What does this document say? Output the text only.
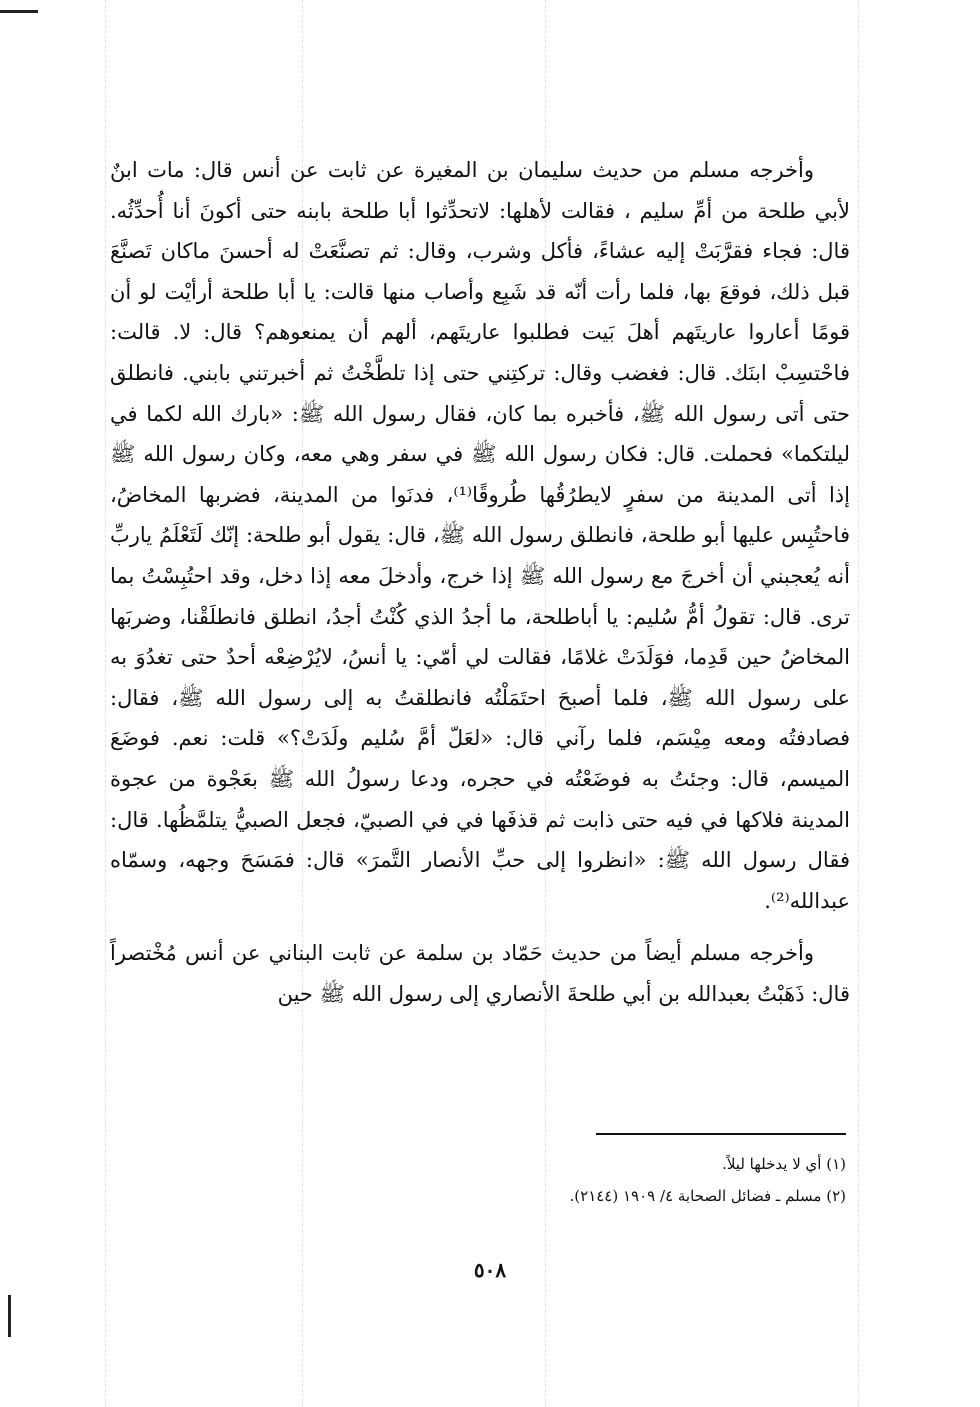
وأخرجه مسلم من حديث سليمان بن المغيرة عن ثابت عن أنس قال: مات ابنٌ لأبي طلحة من أمِّ سليم ، فقالت لأهلها: لاتحدِّثوا أبا طلحة بابنه حتى أكونَ أنا أُحدِّثُه. قال: فجاء فقرَّبَتْ إليه عشاءً، فأكل وشرب، وقال: ثم تصنَّعَتْ له أحسنَ ماكان تَصنَّعَ قبل ذلك، فوقعَ بها، فلما رأت أنّه قد شَبِع وأصاب منها قالت: يا أبا طلحة أرأيْت لو أن قومًا أعاروا عاريتَهم أهلَ بَيت فطلبوا عاريتَهم، ألهم أن يمنعوهم؟ قال: لا. قالت: فاحْتسِبْ ابنَك. قال: فغضب وقال: تركتِني حتى إذا تلطَّخْتُ ثم أخبرتني بابني. فانطلق حتى أتى رسول الله ﷺ، فأخبره بما كان، فقال رسول الله ﷺ: «بارك الله لكما في ليلتكما» فحملت. قال: فكان رسول الله ﷺ في سفر وهي معه، وكان رسول الله ﷺ إذا أتى المدينة من سفرٍ لايطرُقُها طُروقًا⁽¹⁾، فدنَوا من المدينة، فضربها المخاضُ، فاحتُبِس عليها أبو طلحة، فانطلق رسول الله ﷺ، قال: يقول أبو طلحة: إنّك لَتَعْلَمُ ياربِّ أنه يُعجبني أن أخرجَ مع رسول الله ﷺ إذا خرج، وأدخلَ معه إذا دخل، وقد احتُبِسْتُ بما ترى. قال: تقولُ أمُّ سُليم: يا أباطلحة، ما أجدُ الذي كُنْتُ أجدُ، انطلق فانطلَقْنا، وضربَها المخاضُ حين قَدِما، فوَلَدَتْ غلامًا، فقالت لي أمّي: يا أنسُ، لايُرْضِعْه أحدٌ حتى تغدُوَ به على رسول الله ﷺ، فلما أصبحَ احتَمَلْتُه فانطلقتُ به إلى رسول الله ﷺ، فقال: فصادفتُه ومعه مِيْسَم، فلما رآني قال: «لعَلّ أمَّ سُليم ولَدَتْ؟» قلت: نعم. فوضَعَ الميسم، قال: وجئتُ به فوضَعْتُه في حجره، ودعا رسولُ الله ﷺ بعَجْوة من عجوة المدينة فلاكها في فيه حتى ذابت ثم قذفَها في في الصبيّ، فجعل الصبيُّ يتلمَّظُها. قال: فقال رسول الله ﷺ: «انظروا إلى حبِّ الأنصار التَّمرَ» قال: فمَسَحَ وجهه، وسمّاه عبدالله⁽²⁾.

وأخرجه مسلم أيضاً من حديث حَمّاد بن سلمة عن ثابت البناني عن أنس مُخْتصراً قال: ذَهَبْتُ بعبدالله بن أبي طلحةَ الأنصاري إلى رسول الله ﷺ حين

(١) أي لا يدخلها ليلاً.

(٢) مسلم ـ فضائل الصحابة ٤/ ١٩٠٩ (٢١٤٤).

٥٠٨
